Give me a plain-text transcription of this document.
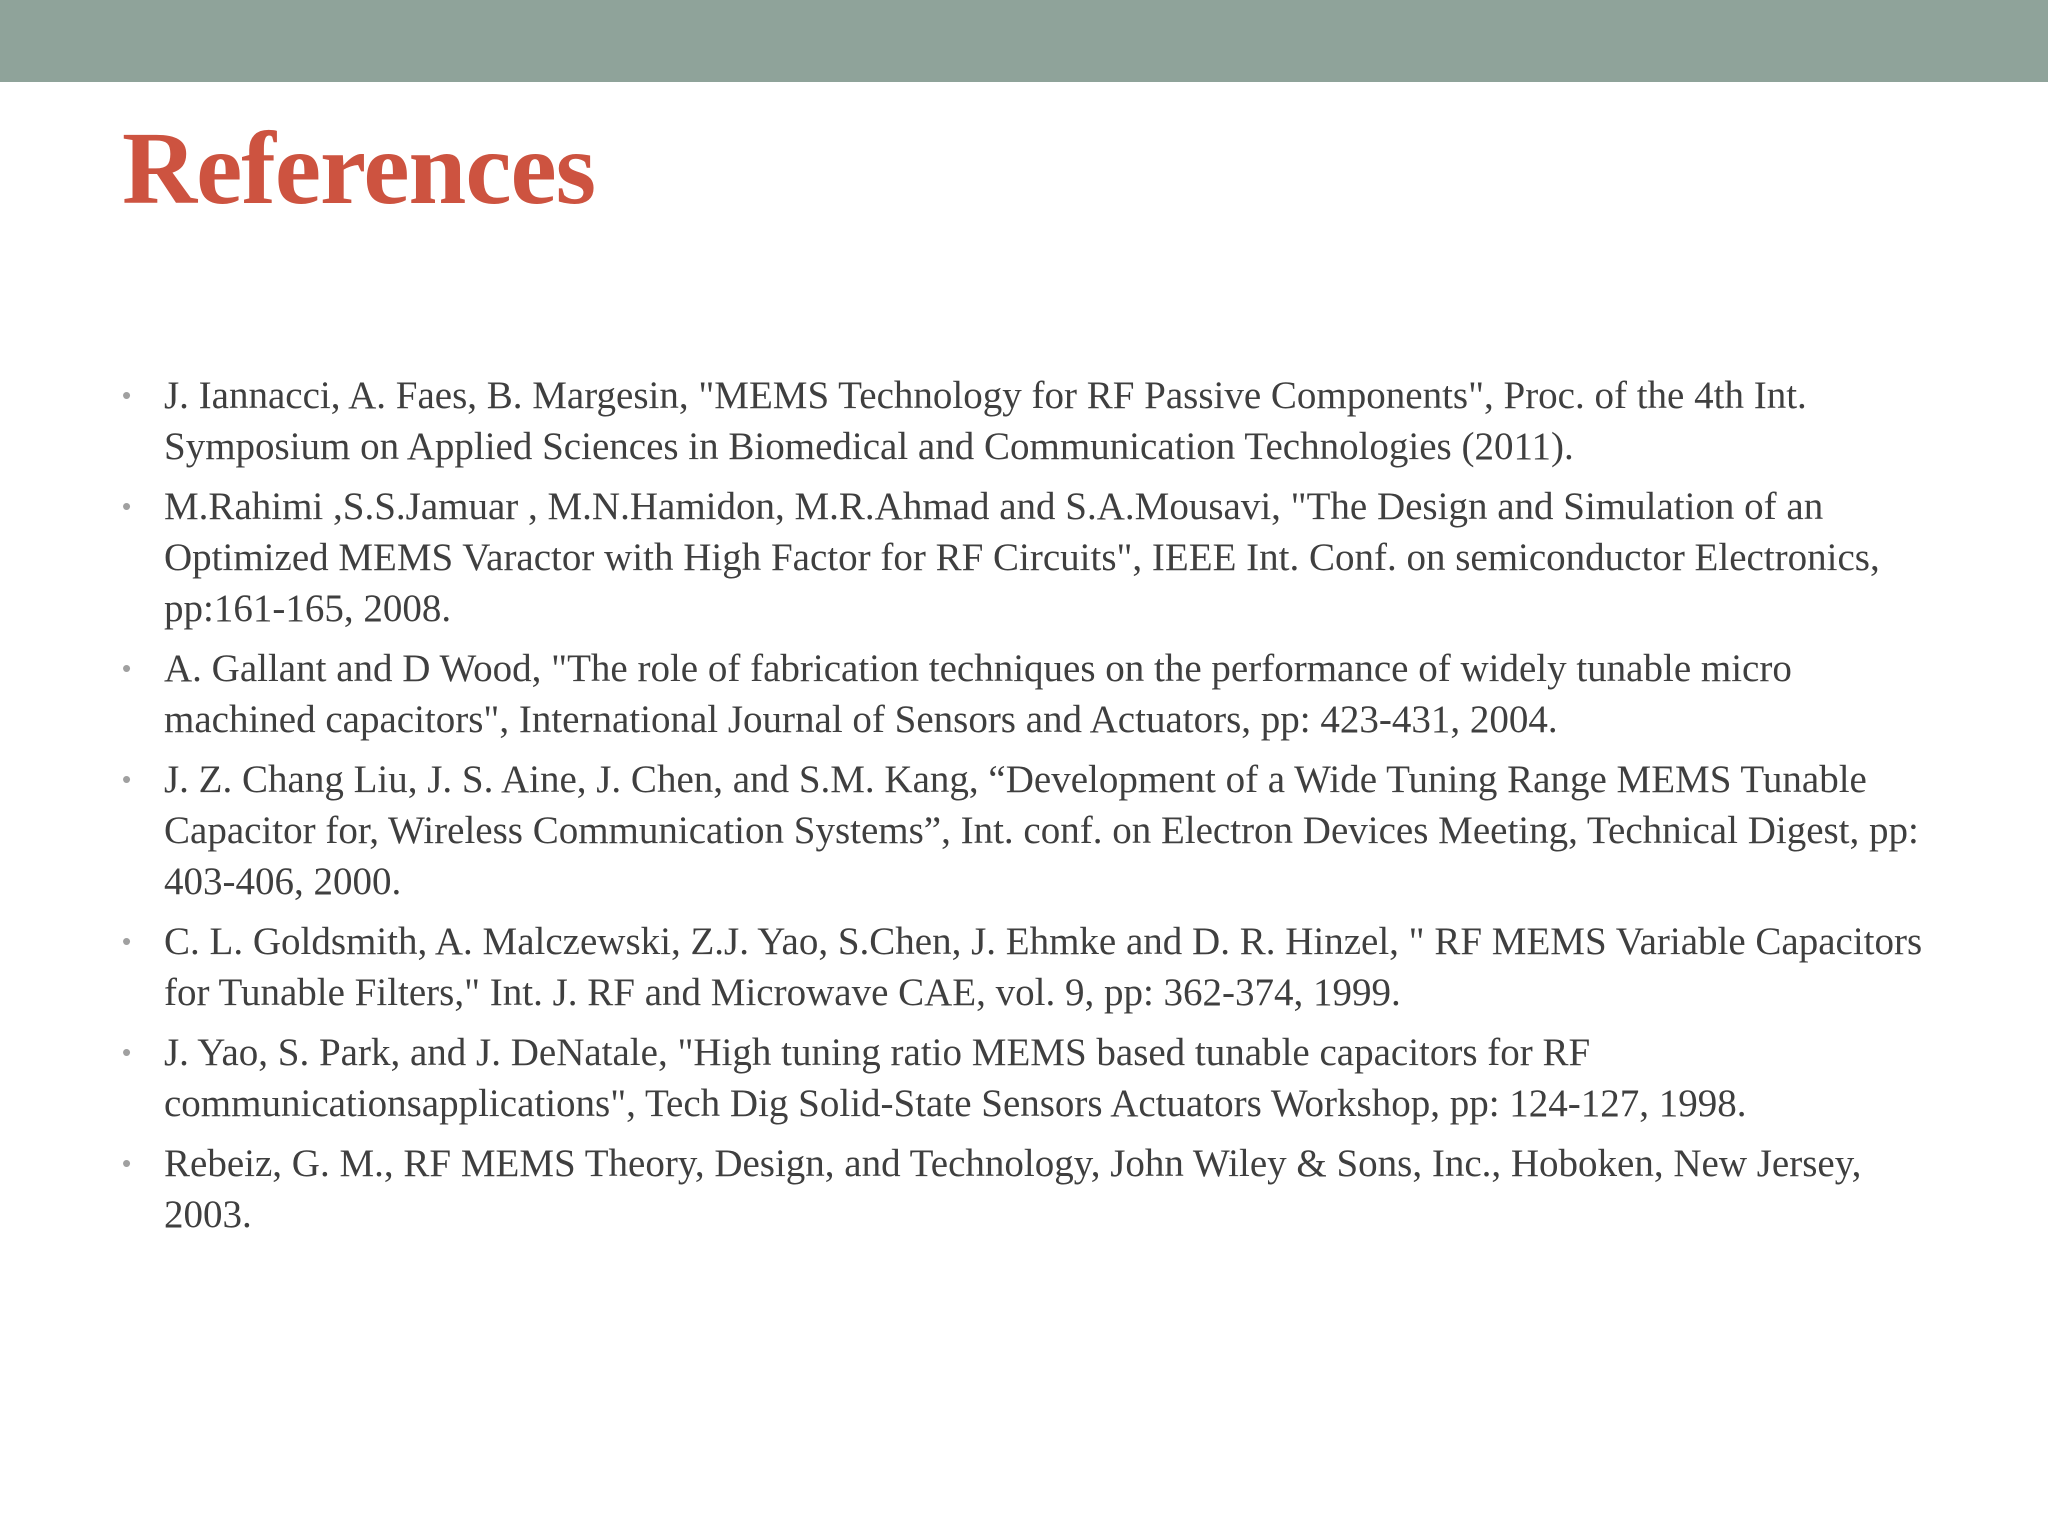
References
• J. Iannacci, A. Faes, B. Margesin, "MEMS Technology for RF Passive Components", Proc. of the 4th Int. Symposium on Applied Sciences in Biomedical and Communication Technologies (2011).
• M.Rahimi ,S.S.Jamuar , M.N.Hamidon, M.R.Ahmad and S.A.Mousavi, "The Design and Simulation of an Optimized MEMS Varactor with High Factor for RF Circuits", IEEE Int. Conf. on semiconductor Electronics, pp:161-165, 2008.
• A. Gallant and D Wood, "The role of fabrication techniques on the performance of widely tunable micro machined capacitors", International Journal of Sensors and Actuators, pp: 423-431, 2004.
• J. Z. Chang Liu, J. S. Aine, J. Chen, and S.M. Kang, “Development of a Wide Tuning Range MEMS Tunable Capacitor for, Wireless Communication Systems”, Int. conf. on Electron Devices Meeting, Technical Digest, pp: 403-406, 2000.
• C. L. Goldsmith, A. Malczewski, Z.J. Yao, S.Chen, J. Ehmke and D. R. Hinzel, " RF MEMS Variable Capacitors for Tunable Filters," Int. J. RF and Microwave CAE, vol. 9, pp: 362-374, 1999.
• J. Yao, S. Park, and J. DeNatale, "High tuning ratio MEMS based tunable capacitors for RF communicationsapplications", Tech Dig Solid-State Sensors Actuators Workshop, pp: 124-127, 1998.
• Rebeiz, G. M., RF MEMS Theory, Design, and Technology, John Wiley & Sons, Inc., Hoboken, New Jersey, 2003.
